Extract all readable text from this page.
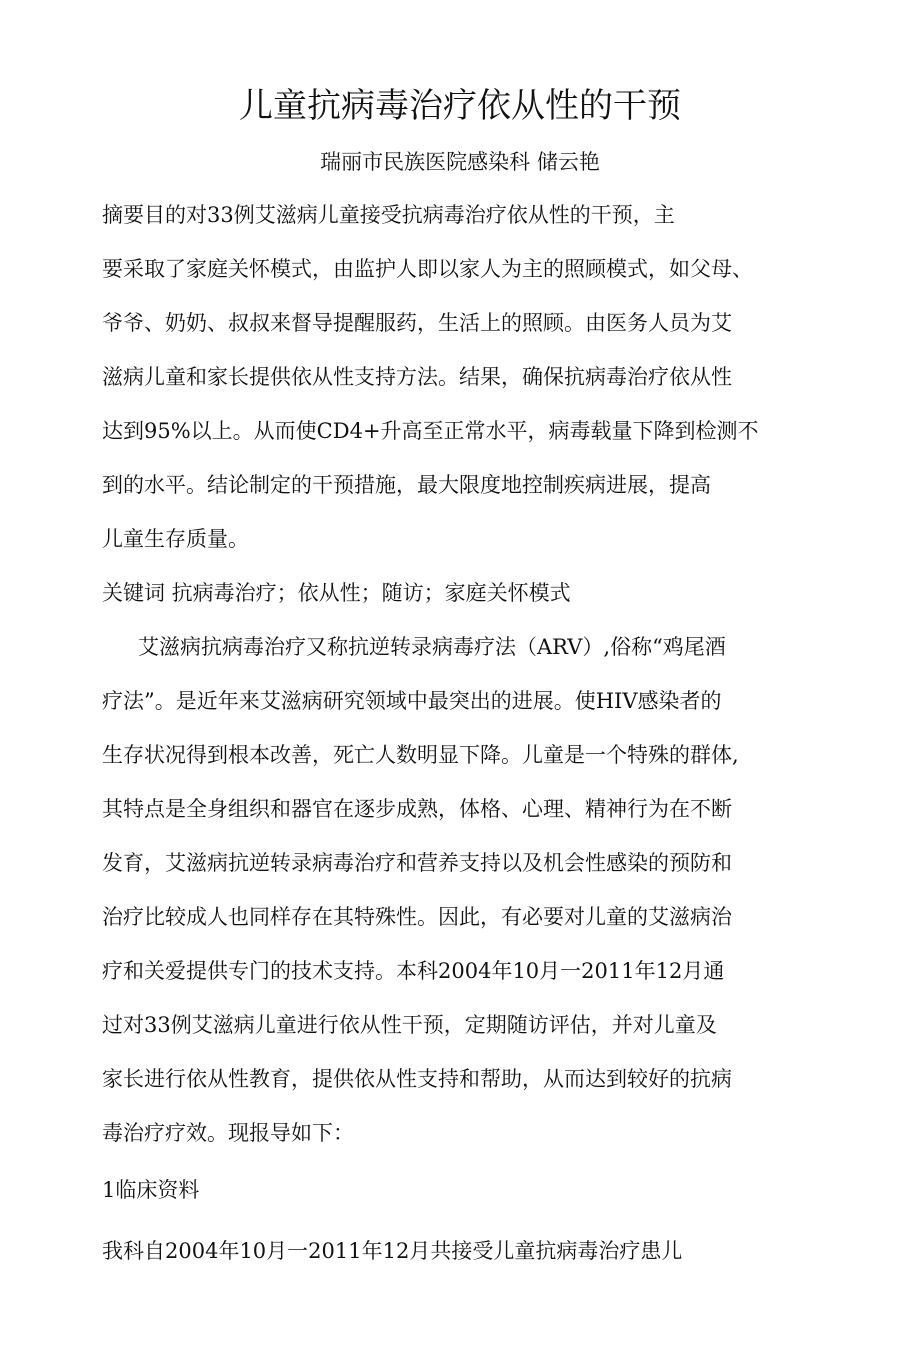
儿童抗病毒治疗依从性的干预
瑞丽市民族医院感染科 储云艳
摘要目的对33例艾滋病儿童接受抗病毒治疗依从性的干预，主
要采取了家庭关怀模式，由监护人即以家人为主的照顾模式，如父母、
爷爷、奶奶、叔叔来督导提醒服药，生活上的照顾。由医务人员为艾
滋病儿童和家长提供依从性支持方法。结果，确保抗病毒治疗依从性
达到95%以上。从而使CD4+升高至正常水平，病毒载量下降到检测不
到的水平。结论制定的干预措施，最大限度地控制疾病进展，提高
儿童生存质量。
关键词 抗病毒治疗；依从性；随访；家庭关怀模式
艾滋病抗病毒治疗又称抗逆转录病毒疗法（ARV）,俗称“鸡尾酒
疗法”。是近年来艾滋病研究领域中最突出的进展。使HIV感染者的
生存状况得到根本改善，死亡人数明显下降。儿童是一个特殊的群体,
其特点是全身组织和器官在逐步成熟，体格、心理、精神行为在不断
发育，艾滋病抗逆转录病毒治疗和营养支持以及机会性感染的预防和
治疗比较成人也同样存在其特殊性。因此，有必要对儿童的艾滋病治
疗和关爱提供专门的技术支持。本科2004年10月一2011年12月通
过对33例艾滋病儿童进行依从性干预，定期随访评估，并对儿童及
家长进行依从性教育，提供依从性支持和帮助，从而达到较好的抗病
毒治疗疗效。现报导如下：
1临床资料
我科自2004年10月一2011年12月共接受儿童抗病毒治疗患儿
